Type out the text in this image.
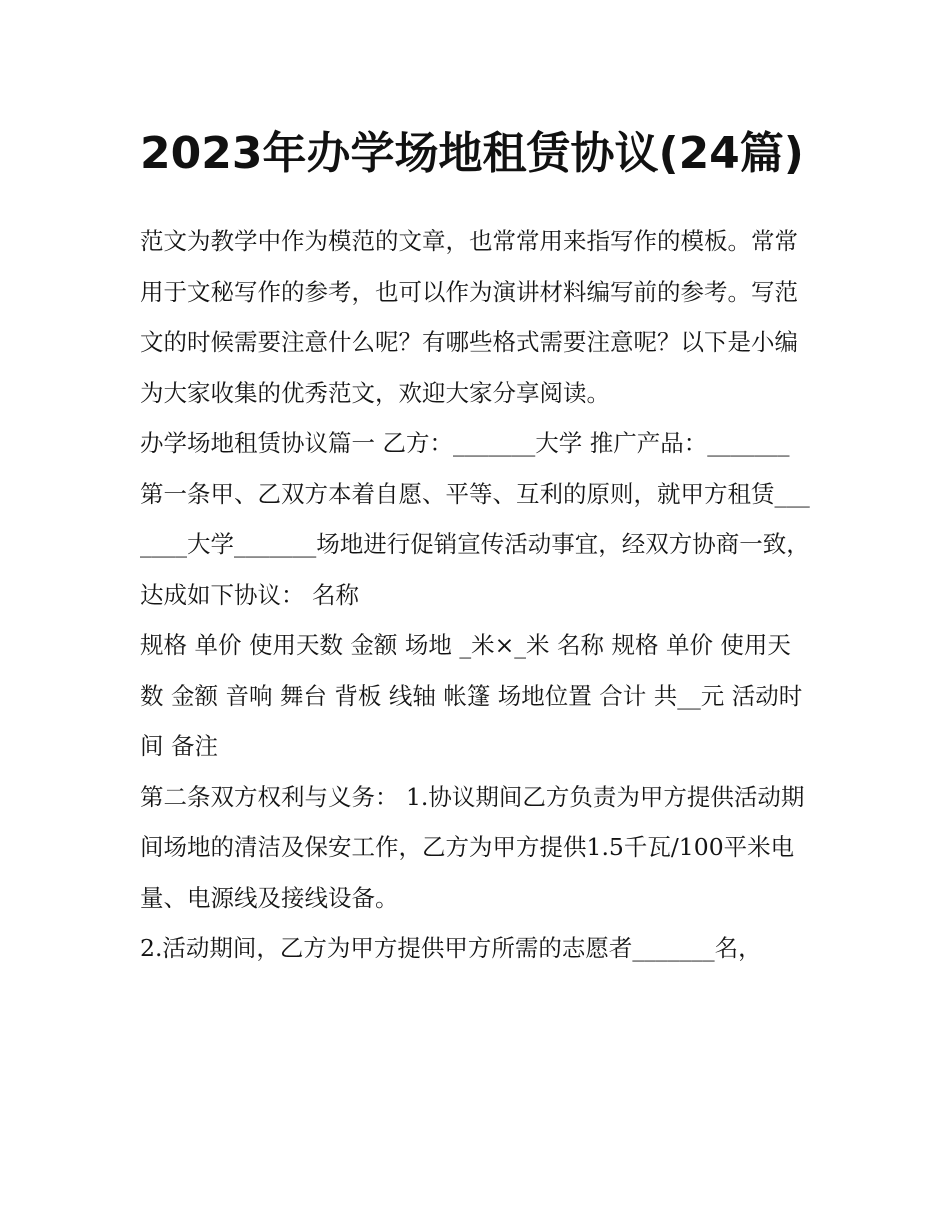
2023年办学场地租赁协议(24篇)

范文为教学中作为模范的文章，也常常用来指写作的模板。常常用于文秘写作的参考，也可以作为演讲材料编写前的参考。写范文的时候需要注意什么呢？有哪些格式需要注意呢？以下是小编为大家收集的优秀范文，欢迎大家分享阅读。

办学场地租赁协议篇一 乙方：_______大学 推广产品：_______

第一条甲、乙双方本着自愿、平等、互利的原则，就甲方租赁_______大学_______场地进行促销宣传活动事宜，经双方协商一致，达成如下协议： 名称

规格 单价 使用天数 金额 场地 _米×_米 名称 规格 单价 使用天数 金额 音响 舞台 背板 线轴 帐篷 场地位置 合计 共__元 活动时间 备注

第二条双方权利与义务： 1.协议期间乙方负责为甲方提供活动期间场地的清洁及保安工作，乙方为甲方提供1.5千瓦/100平米电量、电源线及接线设备。

2.活动期间，乙方为甲方提供甲方所需的志愿者_______名，
